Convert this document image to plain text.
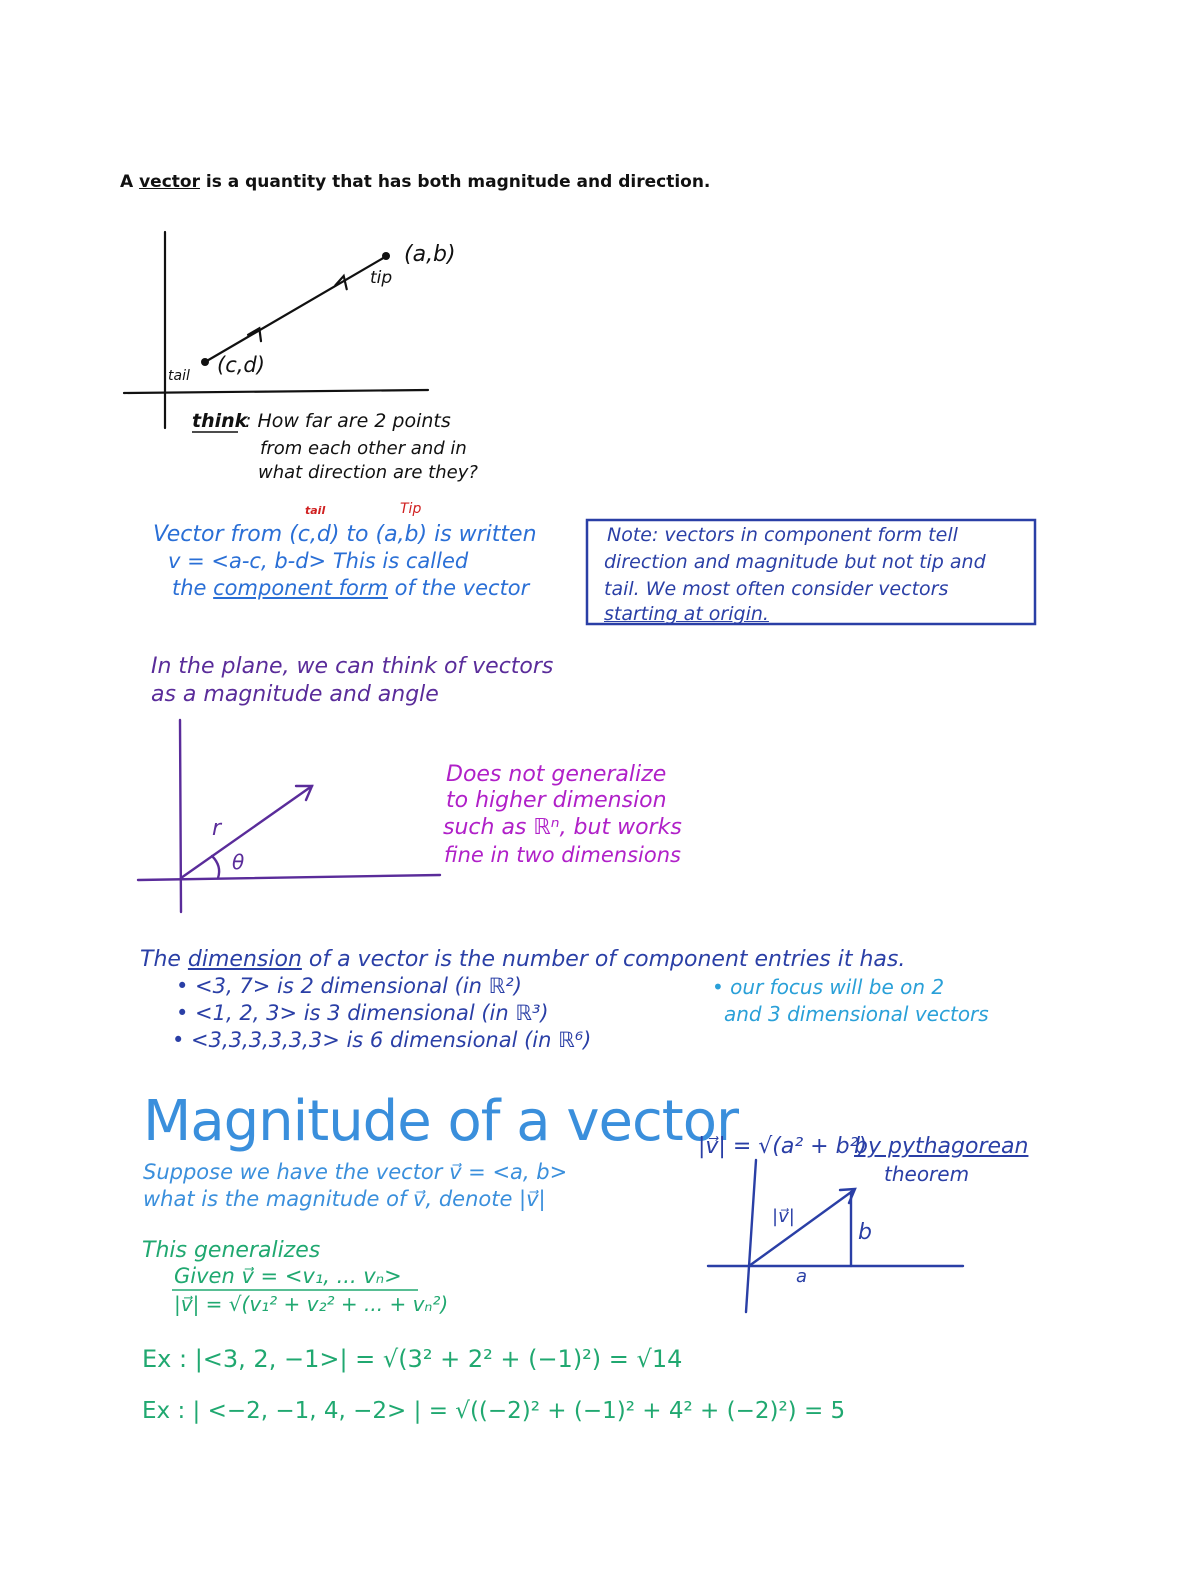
A vector is a quantity that has both magnitude and direction.
(a,b)
tip
(c,d)
tail
think
: How far are 2 points
from each other and in
what direction are they?
tail	Tip
Vector from (c,d) to (a,b) is written
v = <a-c, b-d> This is called
the component form of the vector
Note: vectors in component form tell
direction and magnitude but not tip and
tail. We most often consider vectors
starting at origin.
In the plane, we can think of vectors
as a magnitude and angle
r
θ
Does not generalize
to higher dimension
such as ℝⁿ, but works
fine in two dimensions
The dimension of a vector is the number of component entries it has.
• <3, 7> is 2 dimensional (in ℝ²)
• <1, 2, 3> is 3 dimensional (in ℝ³)
• <3,3,3,3,3,3> is 6 dimensional (in ℝ⁶)
• our focus will be on 2
and 3 dimensional vectors
Magnitude of a vector
Suppose we have the vector v⃗ = <a, b>
what is the magnitude of v⃗, denote |v⃗|
|v⃗| = √(a² + b²)
by pythagorean
theorem
|v⃗|
b
a
This generalizes
Given v⃗ = <v₁, ... vₙ>
|v⃗| = √(v₁² + v₂² + ... + vₙ²)
Ex : |<3, 2, −1>| = √(3² + 2² + (−1)²) = √14
Ex : | <−2, −1, 4, −2> | = √((−2)² + (−1)² + 4² + (−2)²) = 5
